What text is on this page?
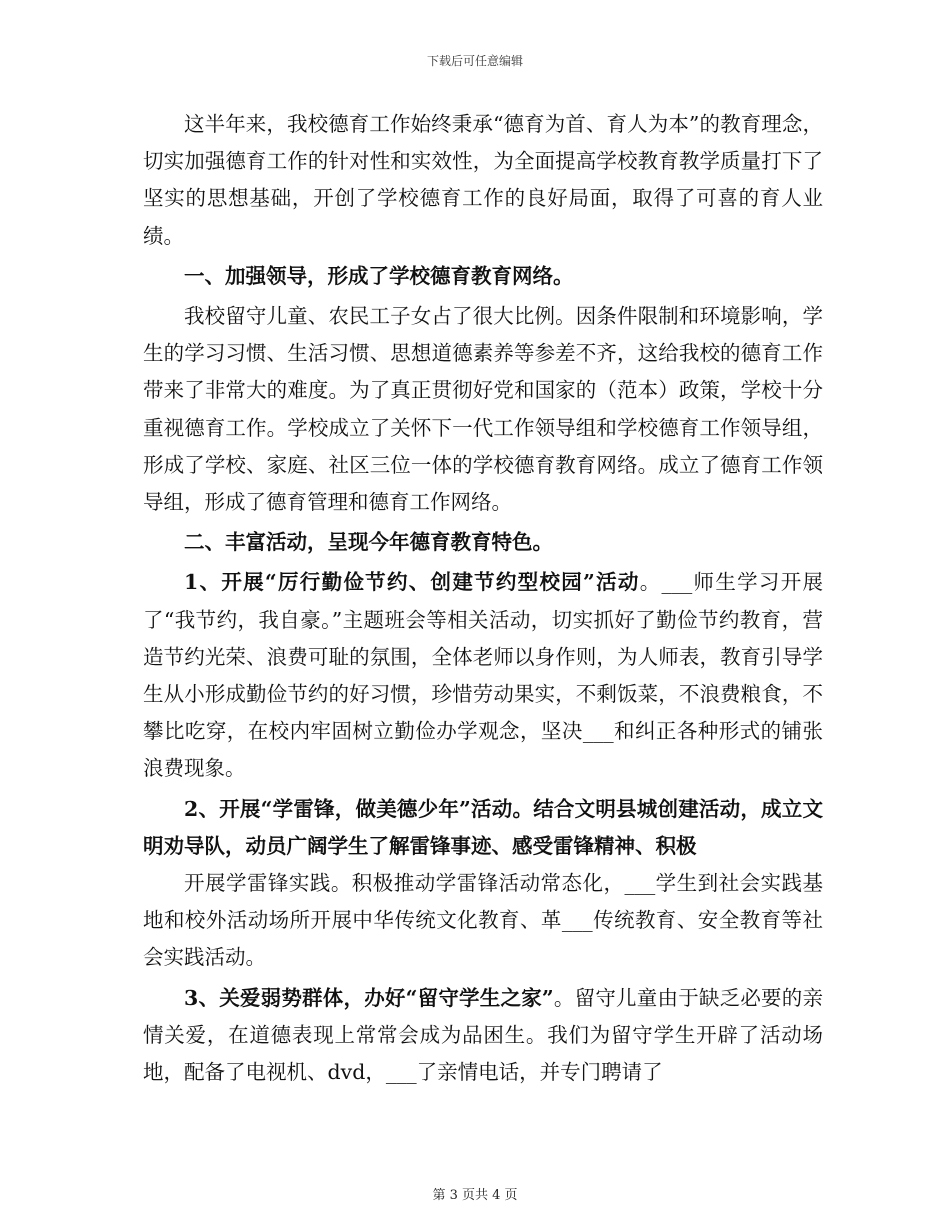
下载后可任意编辑

这半年来，我校德育工作始终秉承“德育为首、育人为本”的教育理念，切实加强德育工作的针对性和实效性，为全面提高学校教育教学质量打下了坚实的思想基础，开创了学校德育工作的良好局面，取得了可喜的育人业绩。

一、加强领导，形成了学校德育教育网络。

我校留守儿童、农民工子女占了很大比例。因条件限制和环境影响，学生的学习习惯、生活习惯、思想道德素养等参差不齐，这给我校的德育工作带来了非常大的难度。为了真正贯彻好党和国家的（范本）政策，学校十分重视德育工作。学校成立了关怀下一代工作领导组和学校德育工作领导组，形成了学校、家庭、社区三位一体的学校德育教育网络。成立了德育工作领导组，形成了德育管理和德育工作网络。

二、丰富活动，呈现今年德育教育特色。

1、开展“厉行勤俭节约、创建节约型校园”活动。___师生学习开展了“我节约，我自豪。”主题班会等相关活动，切实抓好了勤俭节约教育，营造节约光荣、浪费可耻的氛围，全体老师以身作则，为人师表，教育引导学生从小形成勤俭节约的好习惯，珍惜劳动果实，不剩饭菜，不浪费粮食，不攀比吃穿，在校内牢固树立勤俭办学观念，坚决___和纠正各种形式的铺张浪费现象。

2、开展“学雷锋，做美德少年”活动。结合文明县城创建活动，成立文明劝导队，动员广阔学生了解雷锋事迹、感受雷锋精神、积极

开展学雷锋实践。积极推动学雷锋活动常态化，___学生到社会实践基地和校外活动场所开展中华传统文化教育、革___传统教育、安全教育等社会实践活动。

3、关爱弱势群体，办好“留守学生之家”。留守儿童由于缺乏必要的亲情关爱，在道德表现上常常会成为品困生。我们为留守学生开辟了活动场地，配备了电视机、dvd，___了亲情电话，并专门聘请了

第 3 页共 4 页
